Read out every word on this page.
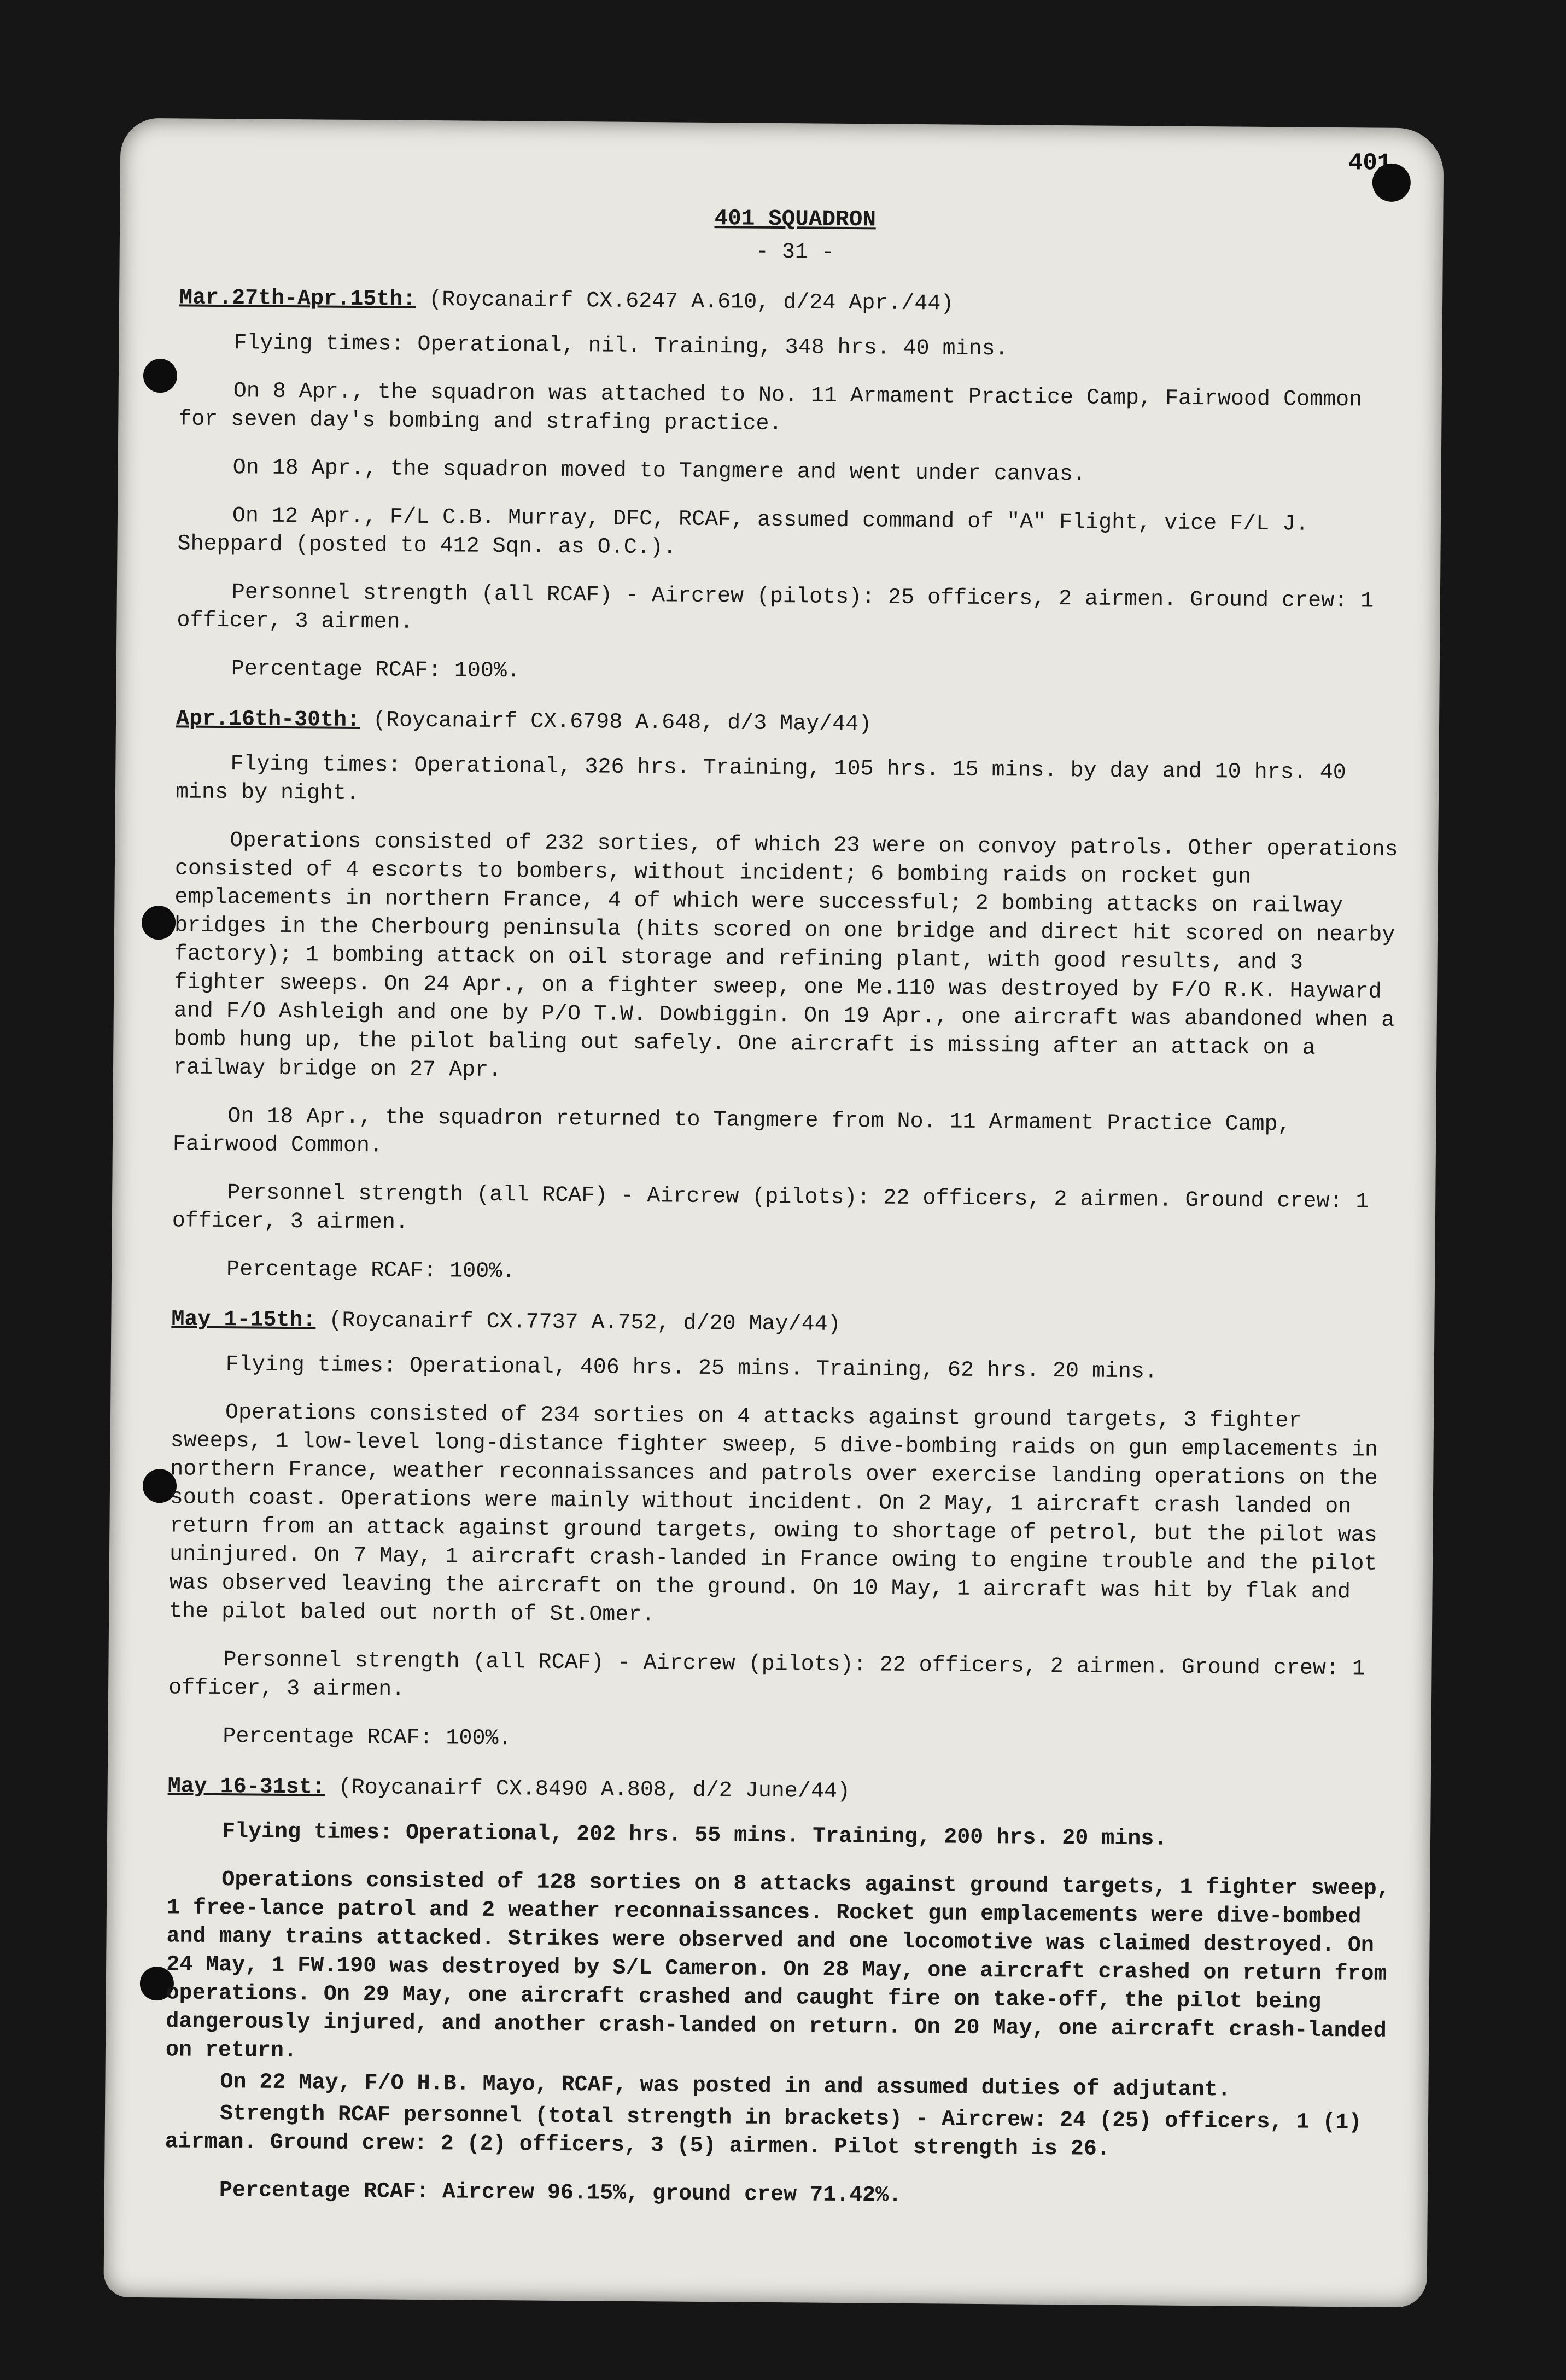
401
401 SQUADRON
- 31 -
Mar.27th-Apr.15th: (Roycanairf CX.6247 A.610, d/24 Apr./44)

Flying times: Operational, nil. Training, 348 hrs. 40 mins.

On 8 Apr., the squadron was attached to No. 11 Armament Practice Camp, Fairwood Common for seven day's bombing and strafing practice.

On 18 Apr., the squadron moved to Tangmere and went under canvas.

On 12 Apr., F/L C.B. Murray, DFC, RCAF, assumed command of "A" Flight, vice F/L J. Sheppard (posted to 412 Sqn. as O.C.).

Personnel strength (all RCAF) - Aircrew (pilots): 25 officers, 2 airmen. Ground crew: 1 officer, 3 airmen.

Percentage RCAF: 100%.
Apr.16th-30th: (Roycanairf CX.6798 A.648, d/3 May/44)

Flying times: Operational, 326 hrs. Training, 105 hrs. 15 mins. by day and 10 hrs. 40 mins by night.

Operations consisted of 232 sorties, of which 23 were on convoy patrols. Other operations consisted of 4 escorts to bombers, without incident; 6 bombing raids on rocket gun emplacements in northern France, 4 of which were successful; 2 bombing attacks on railway bridges in the Cherbourg peninsula (hits scored on one bridge and direct hit scored on nearby factory); 1 bombing attack on oil storage and refining plant, with good results, and 3 fighter sweeps. On 24 Apr., on a fighter sweep, one Me.110 was destroyed by F/O R.K. Hayward and F/O Ashleigh and one by P/O T.W. Dowbiggin. On 19 Apr., one aircraft was abandoned when a bomb hung up, the pilot baling out safely. One aircraft is missing after an attack on a railway bridge on 27 Apr.

On 18 Apr., the squadron returned to Tangmere from No. 11 Armament Practice Camp, Fairwood Common.

Personnel strength (all RCAF) - Aircrew (pilots): 22 officers, 2 airmen. Ground crew: 1 officer, 3 airmen.

Percentage RCAF: 100%.
May 1-15th: (Roycanairf CX.7737 A.752, d/20 May/44)

Flying times: Operational, 406 hrs. 25 mins. Training, 62 hrs. 20 mins.

Operations consisted of 234 sorties on 4 attacks against ground targets, 3 fighter sweeps, 1 low-level long-distance fighter sweep, 5 dive-bombing raids on gun emplacements in northern France, weather reconnaissances and patrols over exercise landing operations on the south coast. Operations were mainly without incident. On 2 May, 1 aircraft crash landed on return from an attack against ground targets, owing to shortage of petrol, but the pilot was uninjured. On 7 May, 1 aircraft crash-landed in France owing to engine trouble and the pilot was observed leaving the aircraft on the ground. On 10 May, 1 aircraft was hit by flak and the pilot baled out north of St.Omer.

Personnel strength (all RCAF) - Aircrew (pilots): 22 officers, 2 airmen. Ground crew: 1 officer, 3 airmen.

Percentage RCAF: 100%.
May 16-31st: (Roycanairf CX.8490 A.808, d/2 June/44)

Flying times: Operational, 202 hrs. 55 mins. Training, 200 hrs. 20 mins.

Operations consisted of 128 sorties on 8 attacks against ground targets, 1 fighter sweep, 1 free-lance patrol and 2 weather reconnaissances. Rocket gun emplacements were dive-bombed and many trains attacked. Strikes were observed and one locomotive was claimed destroyed. On 24 May, 1 FW.190 was destroyed by S/L Cameron. On 28 May, one aircraft crashed on return from operations. On 29 May, one aircraft crashed and caught fire on take-off, the pilot being dangerously injured, and another crash-landed on return. On 20 May, one aircraft crash-landed on return.

On 22 May, F/O H.B. Mayo, RCAF, was posted in and assumed duties of adjutant.

Strength RCAF personnel (total strength in brackets) - Aircrew: 24 (25) officers, 1 (1) airman. Ground crew: 2 (2) officers, 3 (5) airmen. Pilot strength is 26.

Percentage RCAF: Aircrew 96.15%, ground crew 71.42%.
